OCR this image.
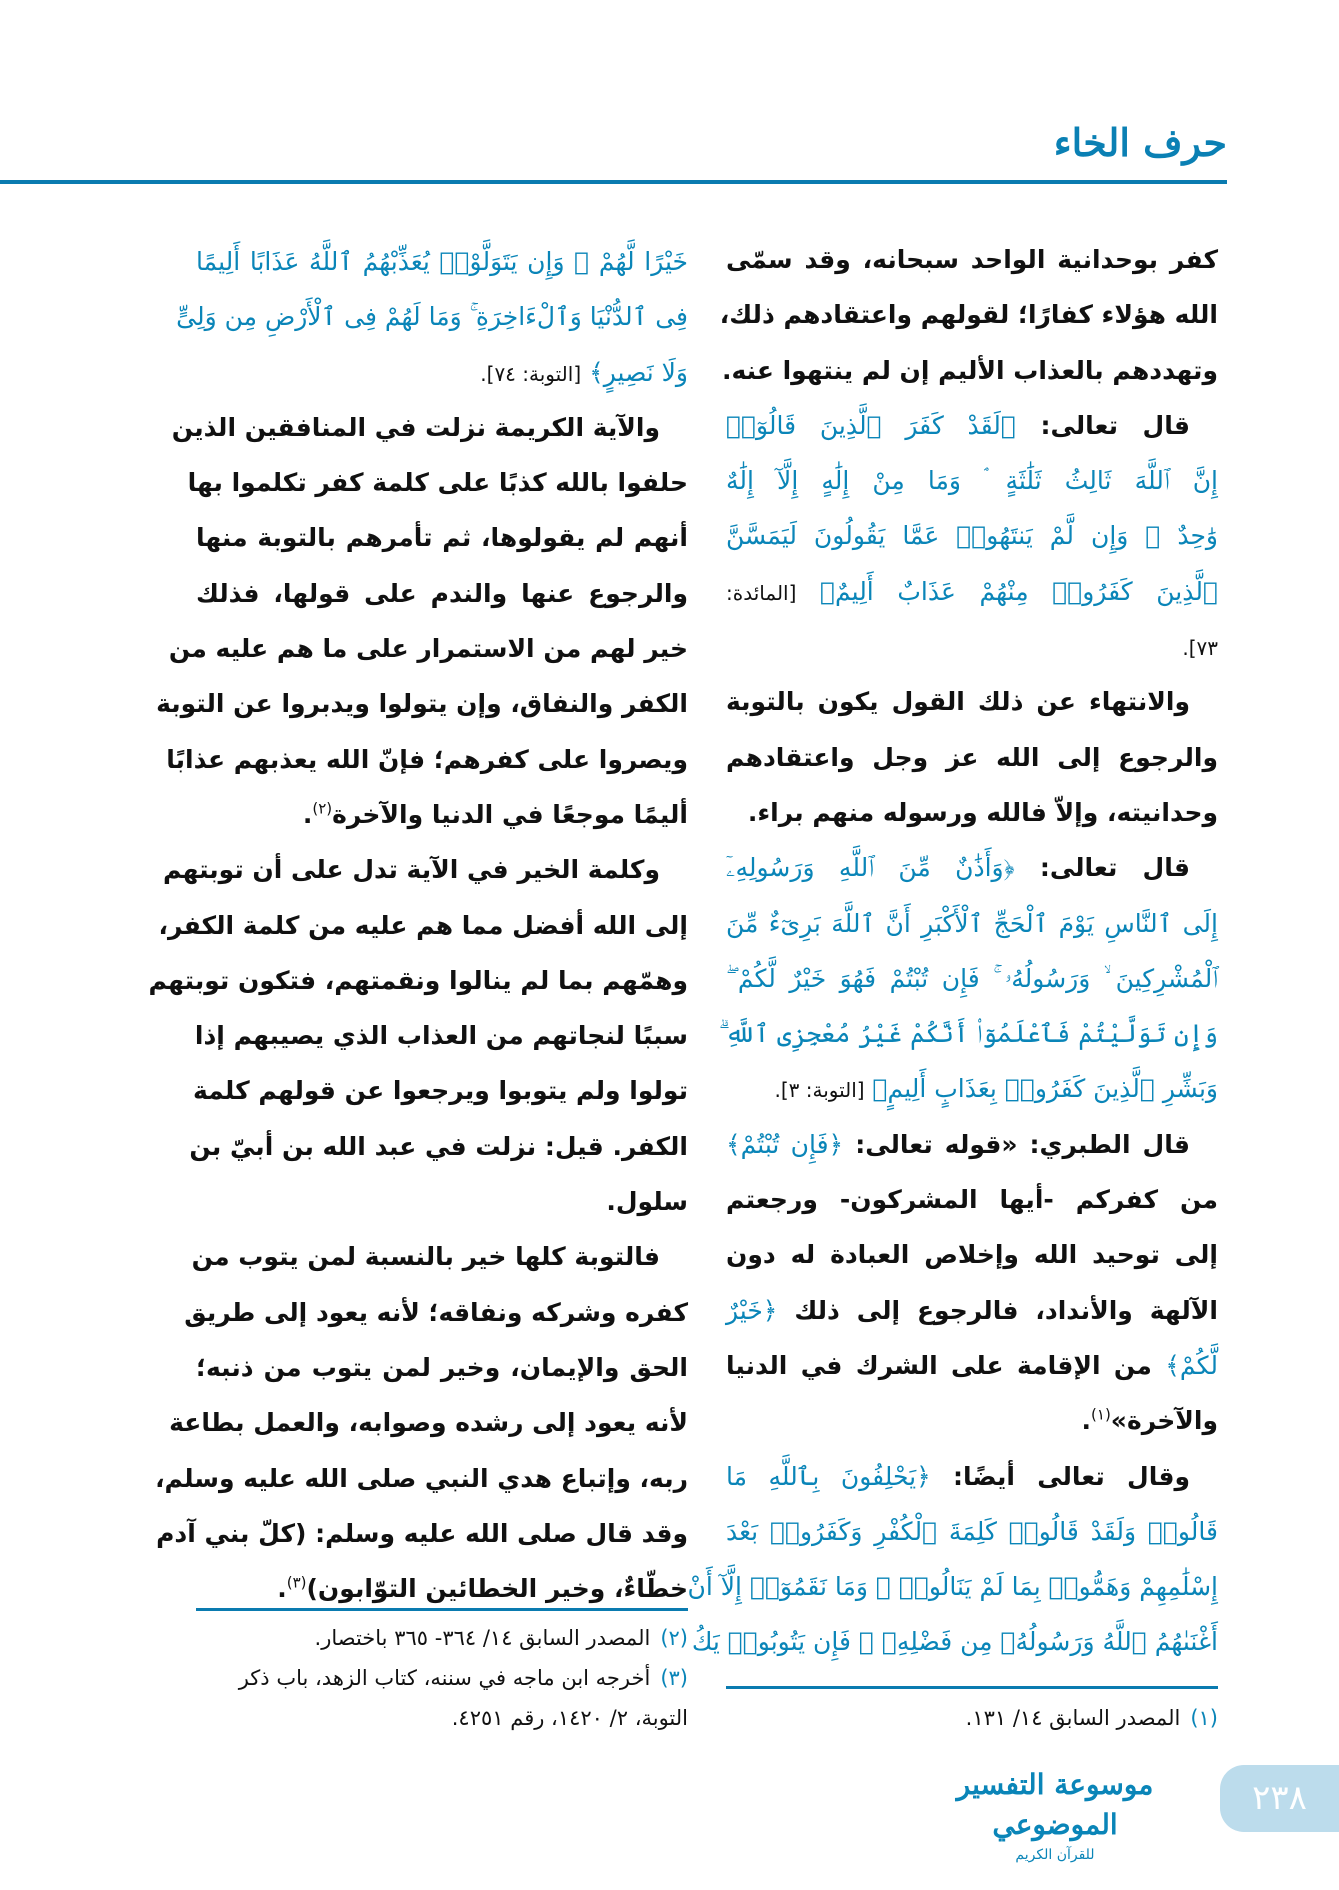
حرف الخاء
كفر بوحدانية الواحد سبحانه، وقد سمّى
الله هؤلاء كفارًا؛ لقولهم واعتقادهم ذلك،
وتهددهم بالعذاب الأليم إن لم ينتهوا عنه.
قال تعالى: ﴿لَقَدْ كَفَرَ ٱلَّذِينَ قَالُوٓا۟
إِنَّ ٱللَّهَ ثَالِثُ ثَلَٰثَةٍ ۘ وَمَا مِنْ إِلَٰهٍ إِلَّآ إِلَٰهٌ
وَٰحِدٌ ۚ وَإِن لَّمْ يَنتَهُوا۟ عَمَّا يَقُولُونَ لَيَمَسَّنَّ
ٱلَّذِينَ كَفَرُوا۟ مِنْهُمْ عَذَابٌ أَلِيمٌ﴾ [المائدة:
٧٣].
والانتهاء عن ذلك القول يكون بالتوبة
والرجوع إلى الله عز وجل واعتقادهم
وحدانيته، وإلاّ فالله ورسوله منهم براء.
قال تعالى: ﴿وَأَذَٰنٌ مِّنَ ٱللَّهِ وَرَسُولِهِۦٓ
إِلَى ٱلنَّاسِ يَوْمَ ٱلْحَجِّ ٱلْأَكْبَرِ أَنَّ ٱللَّهَ بَرِىٓءٌ مِّنَ
ٱلْمُشْرِكِينَ ۙ وَرَسُولُهُۥ ۚ فَإِن تُبْتُمْ فَهُوَ خَيْرٌ لَّكُمْ ۖ
وَإِن تَوَلَّيْتُمْ فَٱعْلَمُوٓا۟ أَنَّكُمْ غَيْرُ مُعْجِزِى ٱللَّهِ ۗ
وَبَشِّرِ ٱلَّذِينَ كَفَرُوا۟ بِعَذَابٍ أَلِيمٍ﴾ [التوبة: ٣].
قال الطبري: «قوله تعالى: ﴿فَإِن تُبْتُمْ﴾
من كفركم -أيها المشركون- ورجعتم
إلى توحيد الله وإخلاص العبادة له دون
الآلهة والأنداد، فالرجوع إلى ذلك ﴿خَيْرٌ
لَّكُمْ﴾ من الإقامة على الشرك في الدنيا
والآخرة»$^{(١)}$.
وقال تعالى أيضًا: ﴿يَحْلِفُونَ بِٱللَّهِ مَا
قَالُوا۟ وَلَقَدْ قَالُوا۟ كَلِمَةَ ٱلْكُفْرِ وَكَفَرُوا۟ بَعْدَ
إِسْلَٰمِهِمْ وَهَمُّوا۟ بِمَا لَمْ يَنَالُوا۟ ۚ وَمَا نَقَمُوٓا۟ إِلَّآ أَنْ
أَغْنَىٰهُمُ ٱللَّهُ وَرَسُولُهُۥ مِن فَضْلِهِۦ ۚ فَإِن يَتُوبُوا۟ يَكُ
خَيْرًا لَّهُمْ ۖ وَإِن يَتَوَلَّوْا۟ يُعَذِّبْهُمُ ٱللَّهُ عَذَابًا أَلِيمًا
فِى ٱلدُّنْيَا وَٱلْءَاخِرَةِ ۚ وَمَا لَهُمْ فِى ٱلْأَرْضِ مِن وَلِىٍّ
وَلَا نَصِيرٍ﴾ [التوبة: ٧٤].
والآية الكريمة نزلت في المنافقين الذين
حلفوا بالله كذبًا على كلمة كفر تكلموا بها
أنهم لم يقولوها، ثم تأمرهم بالتوبة منها
والرجوع عنها والندم على قولها، فذلك
خير لهم من الاستمرار على ما هم عليه من
الكفر والنفاق، وإن يتولوا ويدبروا عن التوبة
ويصروا على كفرهم؛ فإنّ الله يعذبهم عذابًا
أليمًا موجعًا في الدنيا والآخرة$^{(٢)}$.
وكلمة الخير في الآية تدل على أن توبتهم
إلى الله أفضل مما هم عليه من كلمة الكفر،
وهمّهم بما لم ينالوا ونقمتهم، فتكون توبتهم
سببًا لنجاتهم من العذاب الذي يصيبهم إذا
تولوا ولم يتوبوا ويرجعوا عن قولهم كلمة
الكفر. قيل: نزلت في عبد الله بن أبيّ بن
سلول.
فالتوبة كلها خير بالنسبة لمن يتوب من
كفره وشركه ونفاقه؛ لأنه يعود إلى طريق
الحق والإيمان، وخير لمن يتوب من ذنبه؛
لأنه يعود إلى رشده وصوابه، والعمل بطاعة
ربه، وإتباع هدي النبي صلى الله عليه وسلم،
وقد قال صلى الله عليه وسلم: (كلّ بني آدم
خطّاءٌ، وخير الخطائين التوّابون)$^{(٣)}$.
(١)المصدر السابق ١٤/ ١٣١.
(٢)المصدر السابق ١٤/ ٣٦٤- ٣٦٥ باختصار.
(٣)أخرجه ابن ماجه في سننه، كتاب الزهد، باب ذكر التوبة، ٢/ ١٤٢٠، رقم ٤٢٥١.
موسوعة التفسير الموضوعي
للقرآن الكريم
٢٣٨
